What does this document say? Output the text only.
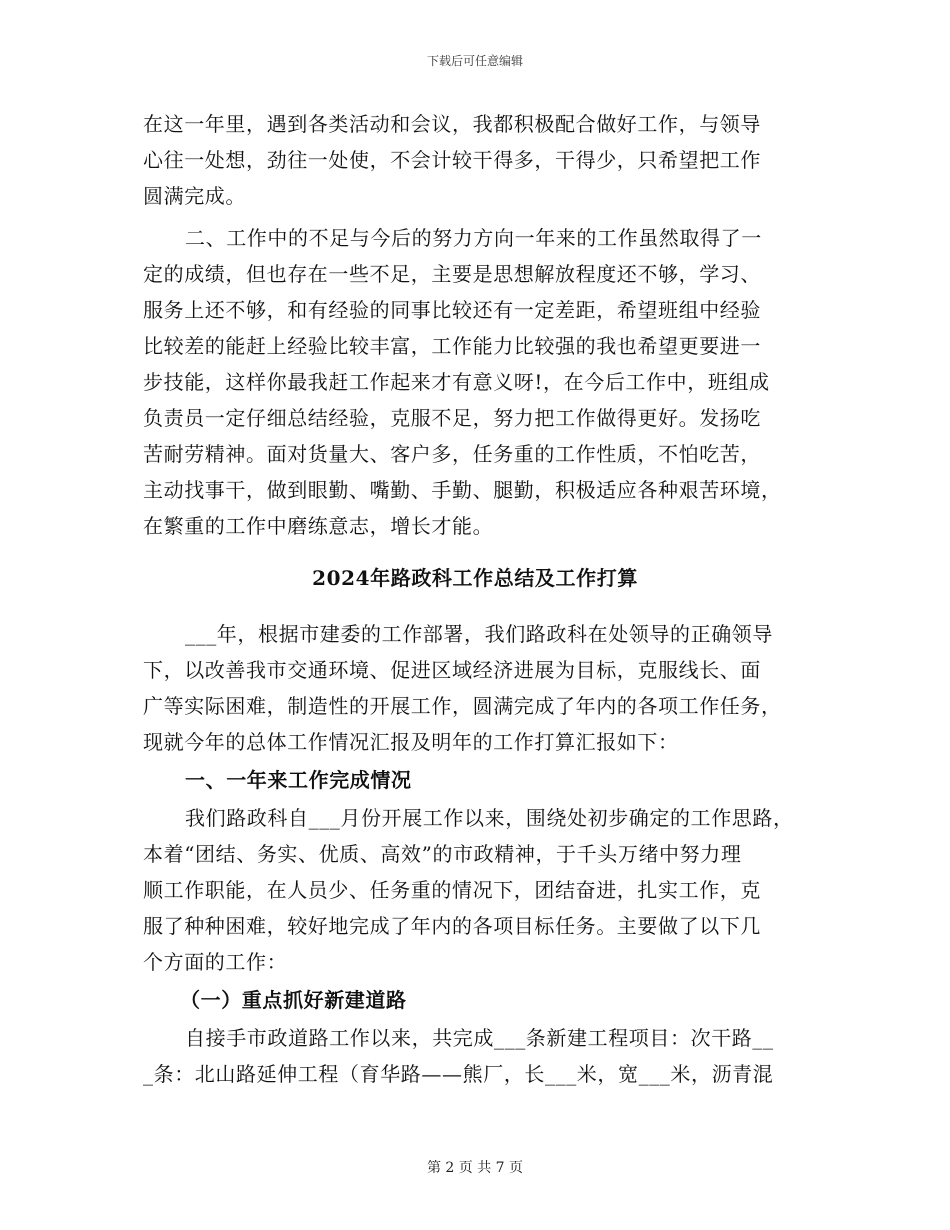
下载后可任意编辑
在这一年里，遇到各类活动和会议，我都积极配合做好工作，与领导
心往一处想，劲往一处使，不会计较干得多，干得少，只希望把工作
圆满完成。
二、工作中的不足与今后的努力方向一年来的工作虽然取得了一
定的成绩，但也存在一些不足，主要是思想解放程度还不够，学习、
服务上还不够，和有经验的同事比较还有一定差距，希望班组中经验
比较差的能赶上经验比较丰富，工作能力比较强的我也希望更要进一
步技能，这样你最我赶工作起来才有意义呀!，在今后工作中，班组成
负责员一定仔细总结经验，克服不足，努力把工作做得更好。发扬吃
苦耐劳精神。面对货量大、客户多，任务重的工作性质，不怕吃苦，
主动找事干，做到眼勤、嘴勤、手勤、腿勤，积极适应各种艰苦环境，
在繁重的工作中磨练意志，增长才能。
2024年路政科工作总结及工作打算
___年，根据市建委的工作部署，我们路政科在处领导的正确领导
下，以改善我市交通环境、促进区域经济进展为目标，克服线长、面
广等实际困难，制造性的开展工作，圆满完成了年内的各项工作任务，
现就今年的总体工作情况汇报及明年的工作打算汇报如下：
一、一年来工作完成情况
我们路政科自___月份开展工作以来，围绕处初步确定的工作思路，
本着“团结、务实、优质、高效”的市政精神，于千头万绪中努力理
顺工作职能，在人员少、任务重的情况下，团结奋进，扎实工作，克
服了种种困难，较好地完成了年内的各项目标任务。主要做了以下几
个方面的工作：
（一）重点抓好新建道路
自接手市政道路工作以来，共完成___条新建工程项目：次干路__
_条：北山路延伸工程（育华路——熊厂，长___米，宽___米，沥青混
第 2 页 共 7 页
